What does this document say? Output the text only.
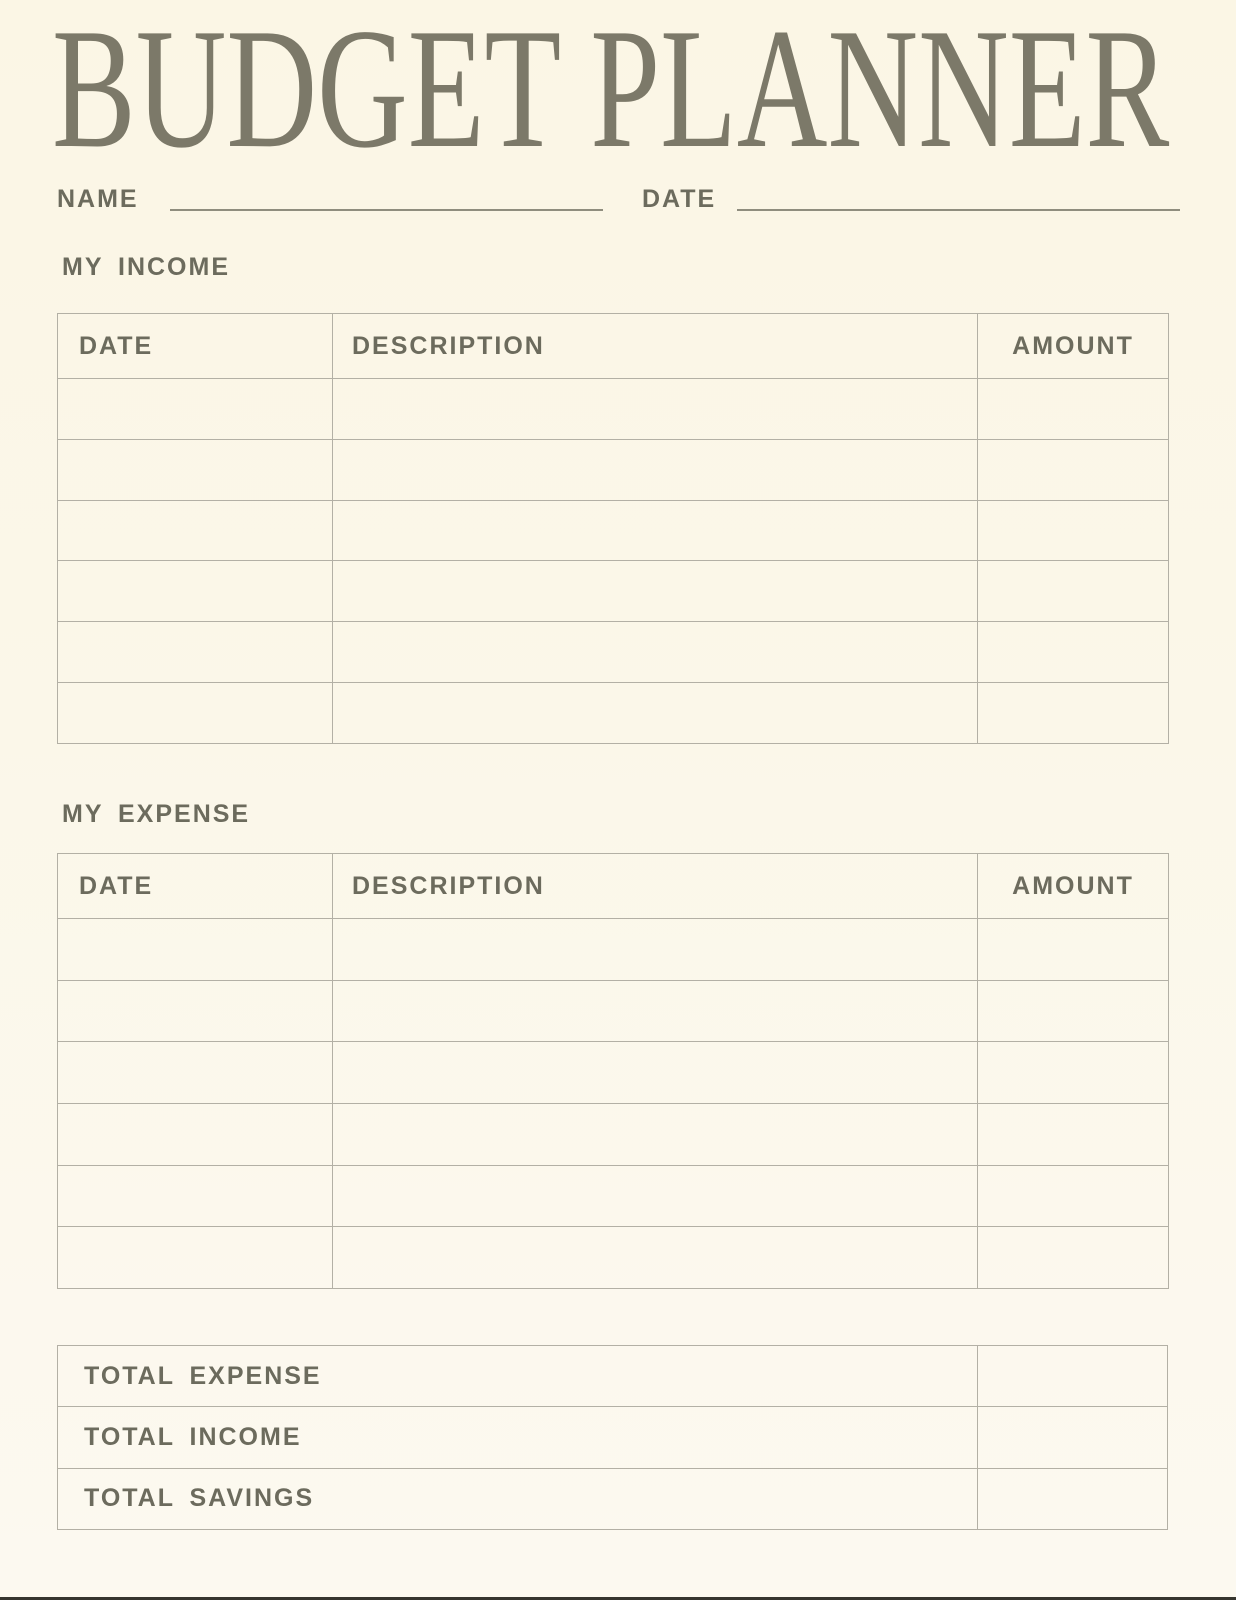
BUDGET PLANNER
NAME	DATE
MY INCOME
DATE	DESCRIPTION	AMOUNT
MY EXPENSE
DATE	DESCRIPTION	AMOUNT
TOTAL EXPENSE
TOTAL INCOME
TOTAL SAVINGS
